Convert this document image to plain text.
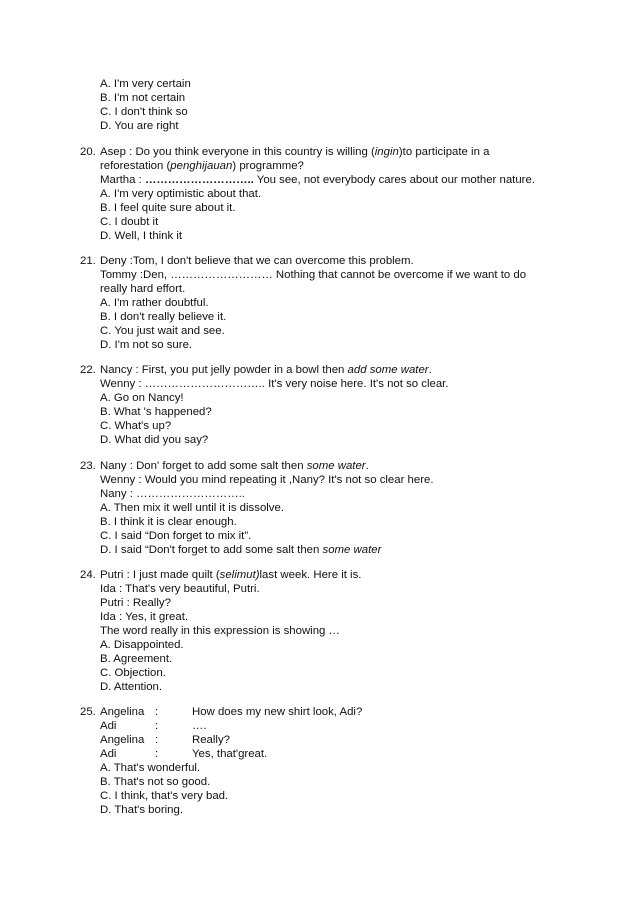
A. I'm very certain
B. I'm not certain
C. I don't think so
D. You are right
20. Asep : Do you think everyone in this country is willing (ingin)to participate in a
reforestation (penghijauan) programme?
Martha : ……………………….. You see, not everybody cares about our mother nature.
A. I'm very optimistic about that.
B. I feel quite sure about it.
C. I doubt it
D. Well, I think it
21. Deny :Tom, I don't believe that we can overcome this problem.
Tommy :Den, ……………………… Nothing that cannot be overcome if we want to do
really hard effort.
A. I'm rather doubtful.
B. I don't really believe it.
C. You just wait and see.
D. I'm not so sure.
22. Nancy : First, you put jelly powder in a bowl then add some water.
Wenny : ………………………….. It's very noise here. It's not so clear.
A. Go on Nancy!
B. What 's happened?
C. What's up?
D. What did you say?
23. Nany : Don' forget to add some salt then some water.
Wenny : Would you mind repeating it ,Nany? It's not so clear here.
Nany : ………………………..
A. Then mix it well until it is dissolve.
B. I think it is clear enough.
C. I said “Don forget to mix it”.
D. I said “Don't forget to add some salt then some water
24. Putri : I just made quilt (selimut)last week. Here it is.
Ida : That's very beautiful, Putri.
Putri : Really?
Ida : Yes, it great.
The word really in this expression is showing …
A. Disappointed.
B. Agreement.
C. Objection.
D. Attention.
25. Angelina :	How does my new shirt look, Adi?
Adi	:	….
Angelina :	Really?
Adi	:	Yes, that'great.
A. That's wonderful.
B. That's not so good.
C. I think, that's very bad.
D. That's boring.
